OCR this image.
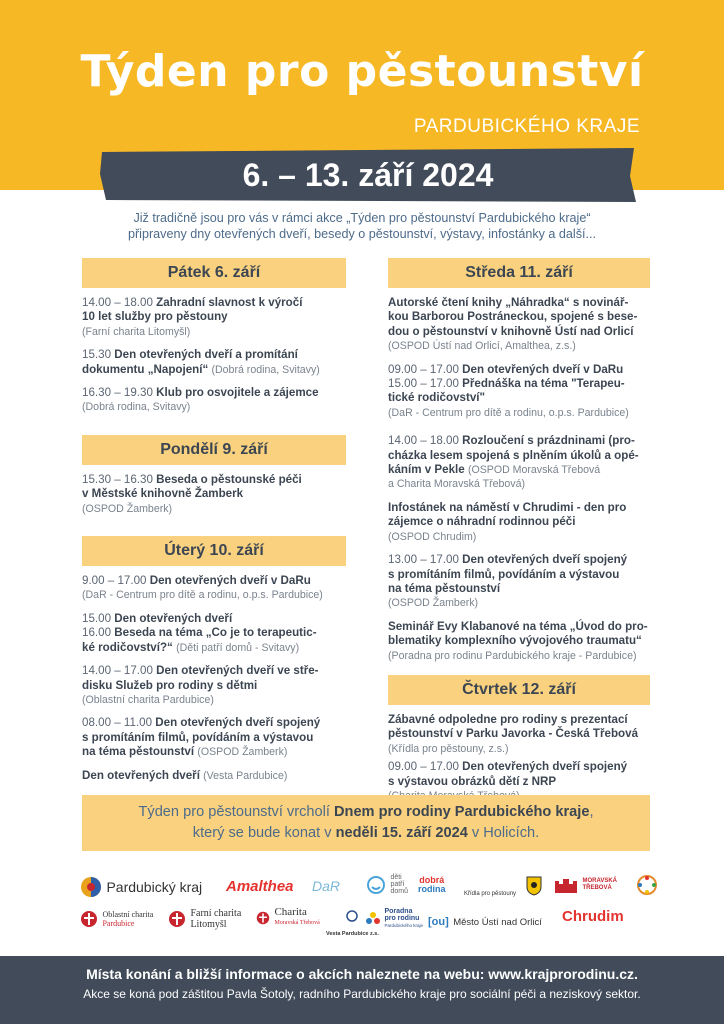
Týden pro pěstounství
PARDUBICKÉHO KRAJE
6. – 13. září 2024
Již tradičně jsou pro vás v rámci akce „Týden pro pěstounství Pardubického kraje“
připraveny dny otevřených dveří, besedy o pěstounství, výstavy, infostánky a další...
Pátek 6. září
14.00 – 18.00 Zahradní slavnost k výročí
10 let služby pro pěstouny
(Farní charita Litomyšl)
15.30 Den otevřených dveří a promítání
dokumentu „Napojení“ (Dobrá rodina, Svitavy)
16.30 – 19.30 Klub pro osvojitele a zájemce
(Dobrá rodina, Svitavy)
Pondělí 9. září
15.30 – 16.30 Beseda o pěstounské péči
v Městské knihovně Žamberk
(OSPOD Žamberk)
Úterý 10. září
9.00 – 17.00 Den otevřených dveří v DaRu
(DaR - Centrum pro dítě a rodinu, o.p.s. Pardubice)
15.00 Den otevřených dveří
16.00 Beseda na téma „Co je to terapeutic-
ké rodičovství?“ (Děti patří domů - Svitavy)
14.00 – 17.00 Den otevřených dveří ve stře-
disku Služeb pro rodiny s dětmi
(Oblastní charita Pardubice)
08.00 – 11.00 Den otevřených dveří spojený
s promítáním filmů, povídáním a výstavou
na téma pěstounství (OSPOD Žamberk)
Den otevřených dveří (Vesta Pardubice)
Středa 11. září
Autorské čtení knihy „Náhradka“ s novinář-
kou Barborou Postráneckou, spojené s bese-
dou o pěstounství v knihovně Ústí nad Orlicí
(OSPOD Ústí nad Orlicí, Amalthea, z.s.)
09.00 – 17.00 Den otevřených dveří v DaRu
15.00 – 17.00 Přednáška na téma "Terapeu-
tické rodičovství"
(DaR - Centrum pro dítě a rodinu, o.p.s. Pardubice)
14.00 – 18.00 Rozloučení s prázdninami (pro-
cházka lesem spojená s plněním úkolů a opé-
káním v Pekle (OSPOD Moravská Třebová
a Charita Moravská Třebová)
Infostánek na náměstí v Chrudimi - den pro
zájemce o náhradní rodinnou péči
(OSPOD Chrudim)
13.00 – 17.00 Den otevřených dveří spojený
s promítáním filmů, povídáním a výstavou
na téma pěstounství
(OSPOD Žamberk)
Seminář Evy Klabanové na téma „Úvod do pro-
blematiky komplexního vývojového traumatu“
(Poradna pro rodinu Pardubického kraje - Pardubice)
Čtvrtek 12. září
Zábavné odpoledne pro rodiny s prezentací
pěstounství v Parku Javorka - Česká Třebová
(Křídla pro pěstouny, z.s.)
09.00 – 17.00 Den otevřených dveří spojený
s výstavou obrázků dětí z NRP
Týden pro pěstounství vrcholí Dnem pro rodiny Pardubického kraje,
který se bude konat v neděli 15. září 2024 v Holicích.
Pardubický kraj Amalthea DaR
děti
patří
domů
dobrá
rodina	Křídla pro pěstouny
MORAVSKÁ
TŘEBOVÁ
Oblastní charita
Pardubice
Farní charita
Litomyšl
Charita
Moravská Třebová
Vesta Pardubice z.s.
Poradna
pro rodinu
Pardubického kraje [ou] Město Ústí nad Orlicí Chrudim
Místa konání a bližší informace o akcích naleznete na webu: www.krajprorodinu.cz.
Akce se koná pod záštitou Pavla Šotoly, radního Pardubického kraje pro sociální péči a neziskový sektor.
